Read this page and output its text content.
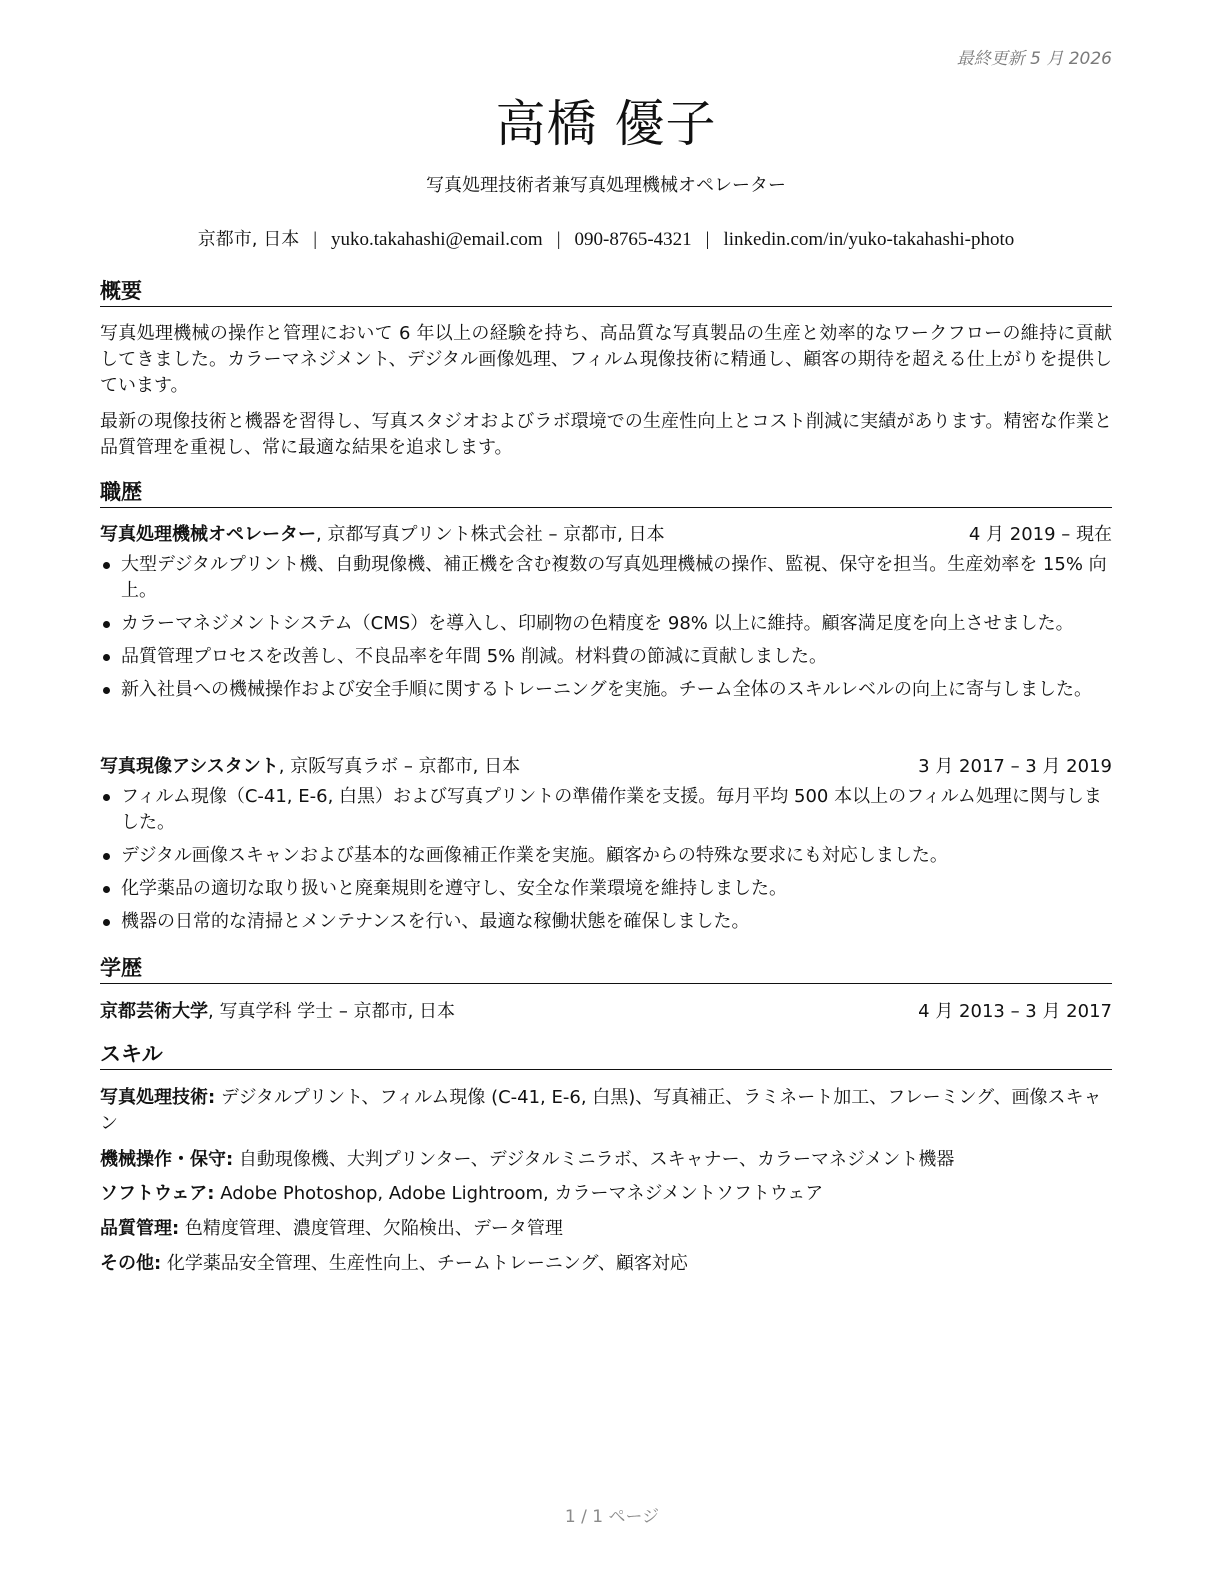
最終更新 5 月 2026
高橋 優子
写真処理技術者兼写真処理機械オペレーター
京都市, 日本 | yuko.takahashi@email.com | 090-8765-4321 | linkedin.com/in/yuko-takahashi-photo
概要
写真処理機械の操作と管理において 6 年以上の経験を持ち、高品質な写真製品の生産と効率的なワークフローの維持に貢献してきました。カラーマネジメント、デジタル画像処理、フィルム現像技術に精通し、顧客の期待を超える仕上がりを提供しています。
最新の現像技術と機器を習得し、写真スタジオおよびラボ環境での生産性向上とコスト削減に実績があります。精密な作業と品質管理を重視し、常に最適な結果を追求します。
職歴
写真処理機械オペレーター, 京都写真プリント株式会社 – 京都市, 日本	4 月 2019 – 現在
大型デジタルプリント機、自動現像機、補正機を含む複数の写真処理機械の操作、監視、保守を担当。生産効率を 15% 向上。
カラーマネジメントシステム（CMS）を導入し、印刷物の色精度を 98% 以上に維持。顧客満足度を向上させました。
品質管理プロセスを改善し、不良品率を年間 5% 削減。材料費の節減に貢献しました。
新入社員への機械操作および安全手順に関するトレーニングを実施。チーム全体のスキルレベルの向上に寄与しました。
写真現像アシスタント, 京阪写真ラボ – 京都市, 日本	3 月 2017 – 3 月 2019
フィルム現像（C-41, E-6, 白黒）および写真プリントの準備作業を支援。毎月平均 500 本以上のフィルム処理に関与しました。
デジタル画像スキャンおよび基本的な画像補正作業を実施。顧客からの特殊な要求にも対応しました。
化学薬品の適切な取り扱いと廃棄規則を遵守し、安全な作業環境を維持しました。
機器の日常的な清掃とメンテナンスを行い、最適な稼働状態を確保しました。
学歴
京都芸術大学, 写真学科 学士 – 京都市, 日本	4 月 2013 – 3 月 2017
スキル
写真処理技術: デジタルプリント、フィルム現像 (C-41, E-6, 白黒)、写真補正、ラミネート加工、フレーミング、画像スキャン
機械操作・保守: 自動現像機、大判プリンター、デジタルミニラボ、スキャナー、カラーマネジメント機器
ソフトウェア: Adobe Photoshop, Adobe Lightroom, カラーマネジメントソフトウェア
品質管理: 色精度管理、濃度管理、欠陥検出、データ管理
その他: 化学薬品安全管理、生産性向上、チームトレーニング、顧客対応
1 / 1 ページ
